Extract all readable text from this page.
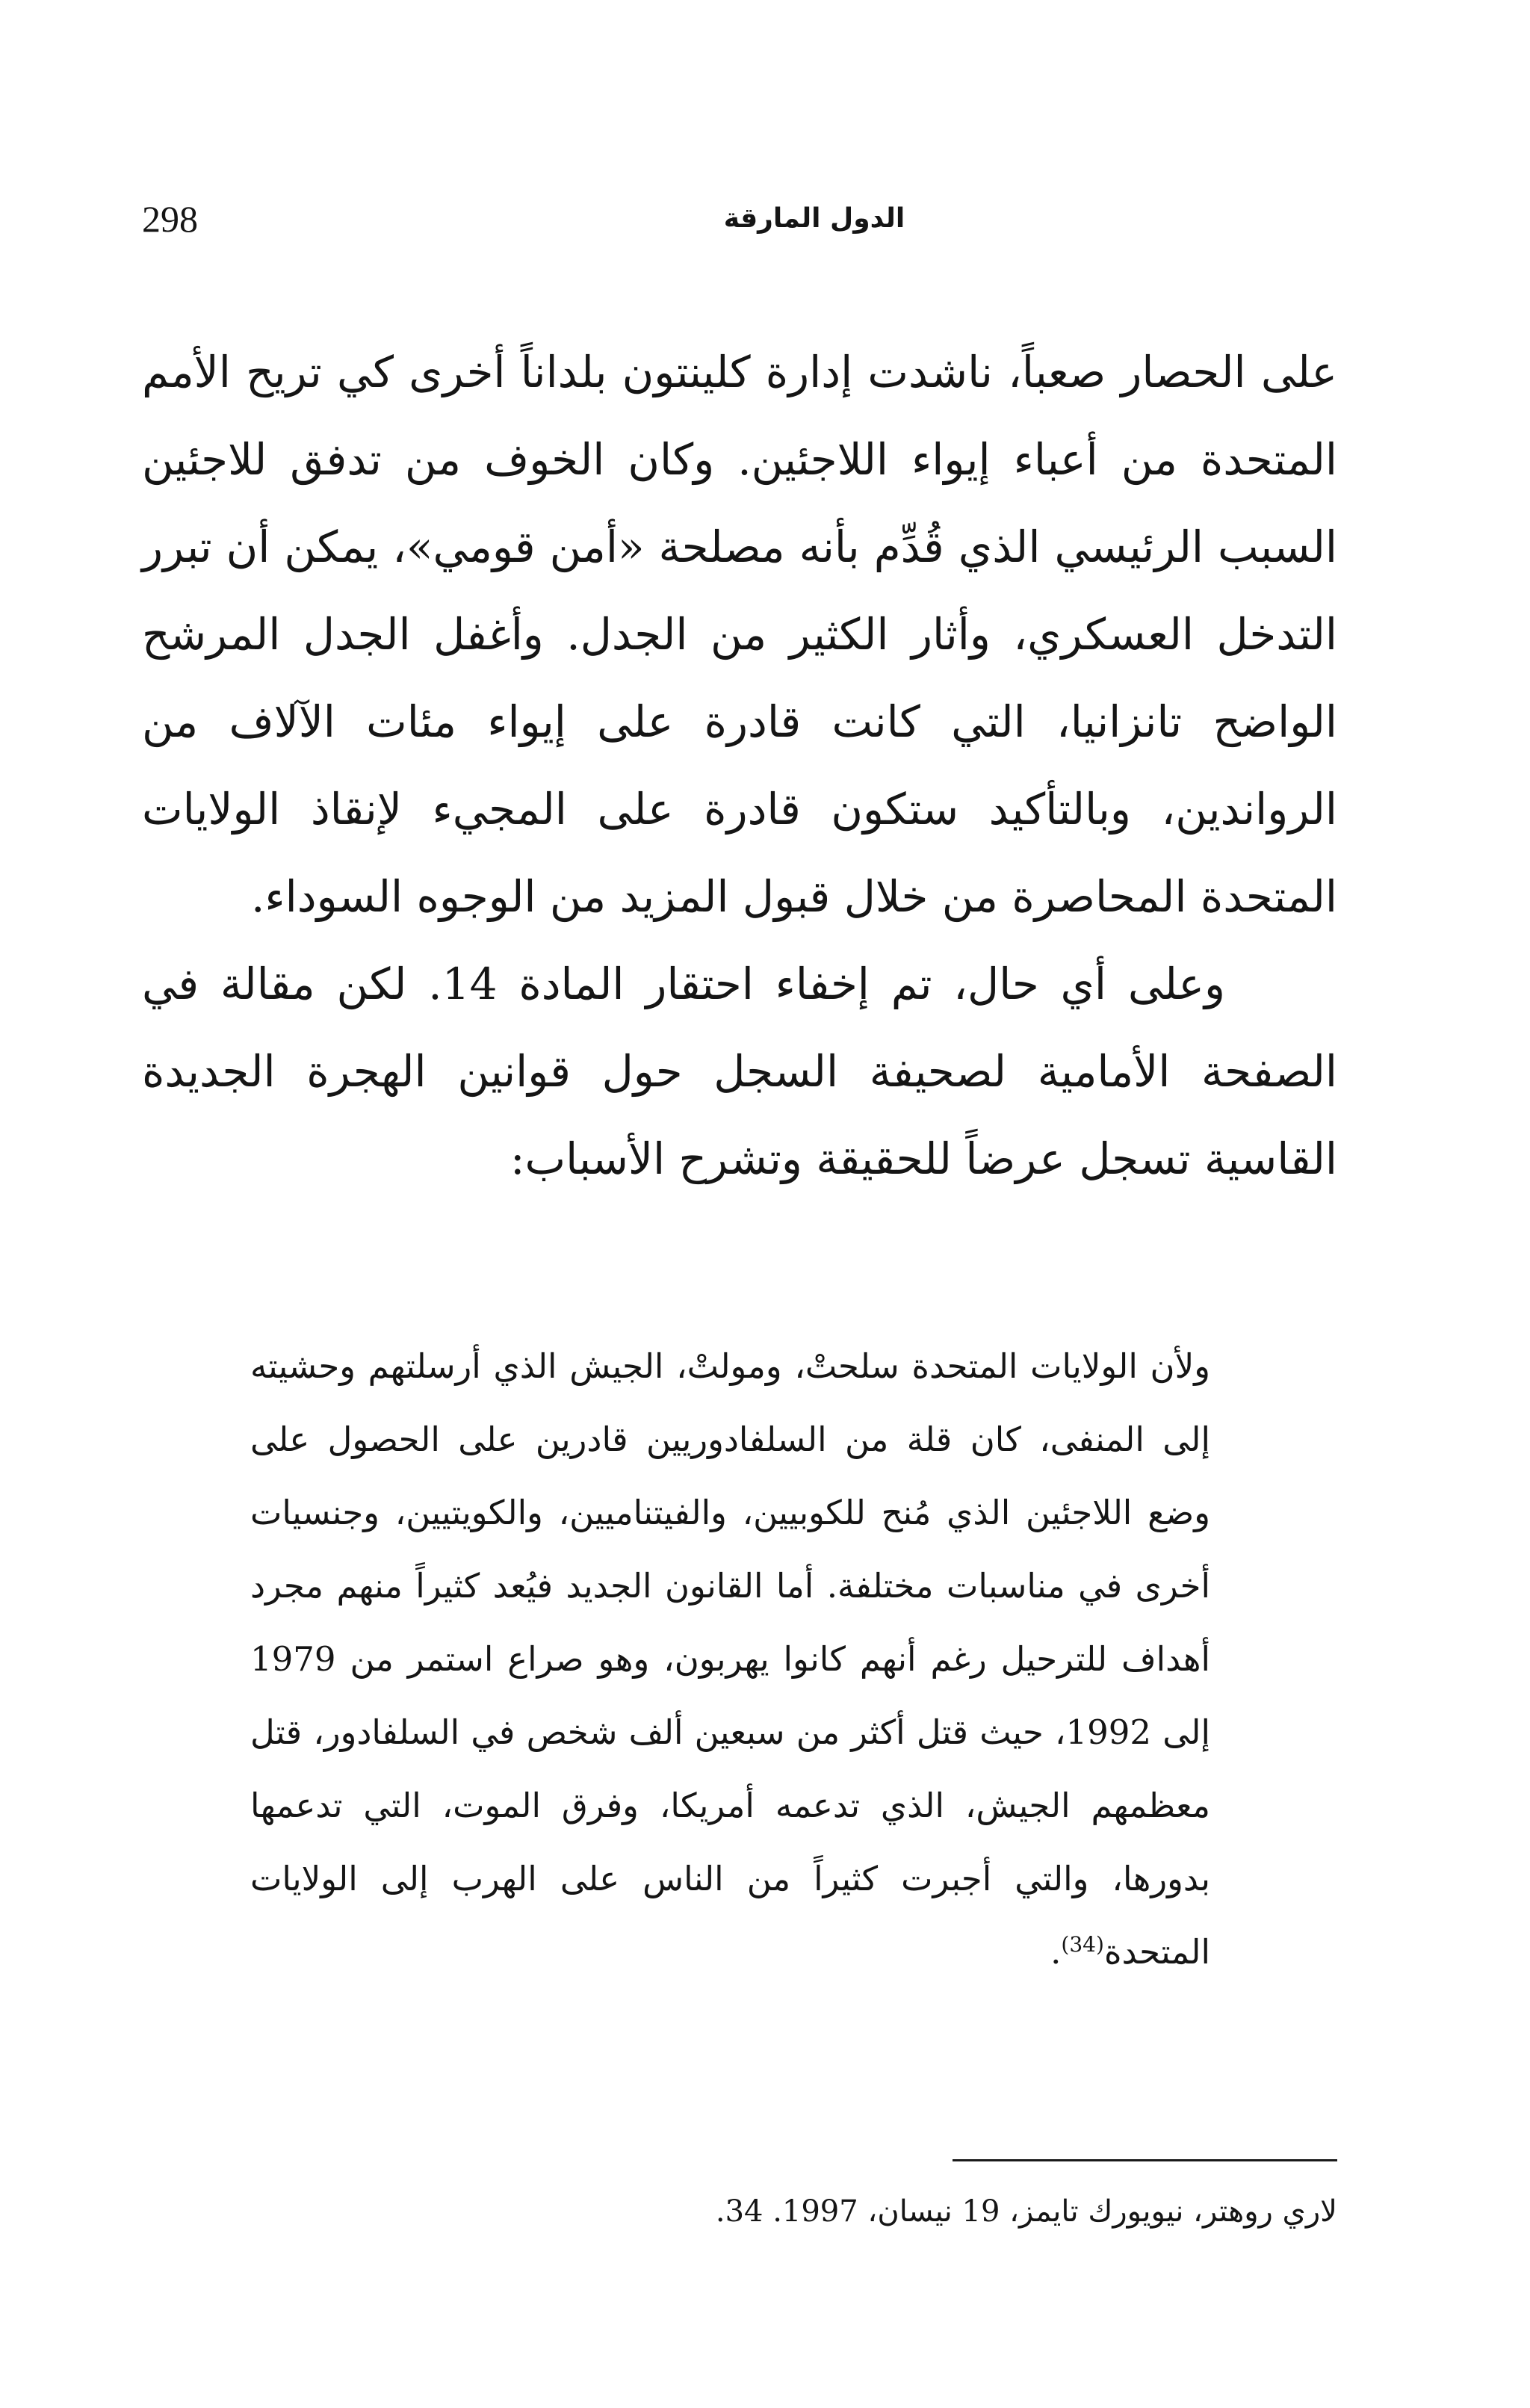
298	الدول المارقة

على الحصار صعباً، ناشدت إدارة كلينتون بلداناً أخرى كي تريح الأمم المتحدة من أعباء إيواء اللاجئين. وكان الخوف من تدفق للاجئين السبب الرئيسي الذي قُدِّم بأنه مصلحة «أمن قومي»، يمكن أن تبرر التدخل العسكري، وأثار الكثير من الجدل. وأغفل الجدل المرشح الواضح تانزانيا، التي كانت قادرة على إيواء مئات الآلاف من الرواندين، وبالتأكيد ستكون قادرة على المجيء لإنقاذ الولايات المتحدة المحاصرة من خلال قبول المزيد من الوجوه السوداء.

وعلى أي حال، تم إخفاء احتقار المادة 14. لكن مقالة في الصفحة الأمامية لصحيفة السجل حول قوانين الهجرة الجديدة القاسية تسجل عرضاً للحقيقة وتشرح الأسباب:

ولأن الولايات المتحدة سلحتْ، ومولتْ، الجيش الذي أرسلتهم وحشيته إلى المنفى، كان قلة من السلفادوريين قادرين على الحصول على وضع اللاجئين الذي مُنح للكوبيين، والفيتناميين، والكويتيين، وجنسيات أخرى في مناسبات مختلفة. أما القانون الجديد فيُعد كثيراً منهم مجرد أهداف للترحيل رغم أنهم كانوا يهربون، وهو صراع استمر من 1979 إلى 1992، حيث قتل أكثر من سبعين ألف شخص في السلفادور، قتل معظمهم الجيش، الذي تدعمه أمريكا، وفرق الموت، التي تدعمها بدورها، والتي أجبرت كثيراً من الناس على الهرب إلى الولايات المتحدة$^{(34)}$.
لاري روهتر، نيويورك تايمز، 19 نيسان، 1997. 34.
